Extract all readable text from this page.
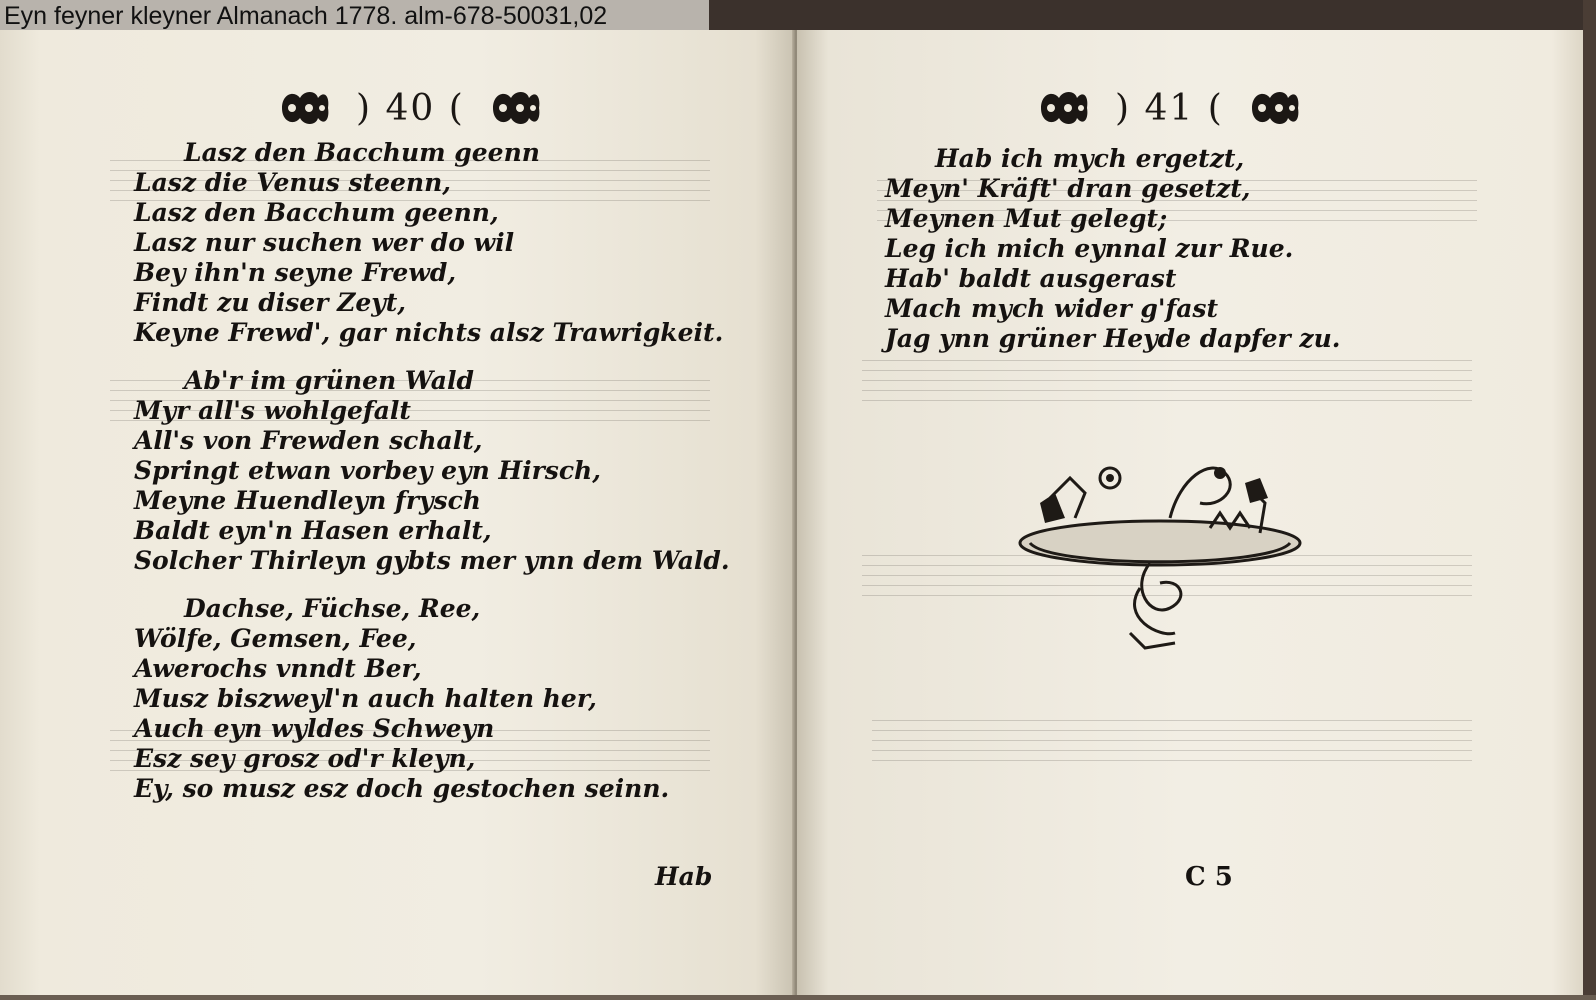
Eyn feyner kleyner Almanach 1778. alm-678-50031,02
) 40 (
Lasz den Bacchum geenn
Lasz die Venus steenn,
Lasz den Bacchum geenn,
Lasz nur suchen wer do wil
Bey ihn'n seyne Frewd,
Findt zu diser Zeyt,
Keyne Frewd', gar nichts alsz Trawrigkeit.
Ab'r im grünen Wald
Myr all's wohlgefalt
All's von Frewden schalt,
Springt etwan vorbey eyn Hirsch,
Meyne Huendleyn frysch
Baldt eyn'n Hasen erhalt,
Solcher Thirleyn gybts mer ynn dem Wald.
Dachse, Füchse, Ree,
Wölfe, Gemsen, Fee,
Awerochs vnndt Ber,
Musz biszweyl'n auch halten her,
Auch eyn wyldes Schweyn
Esz sey grosz od'r kleyn,
Ey, so musz esz doch gestochen seinn.
Hab
) 41 (
Hab ich mych ergetzt,
Meyn' Kräft' dran gesetzt,
Meynen Mut gelegt;
Leg ich mich eynnal zur Rue.
Hab' baldt ausgerast
Mach mych wider g'fast
Jag ynn grüner Heyde dapfer zu.
C 5
